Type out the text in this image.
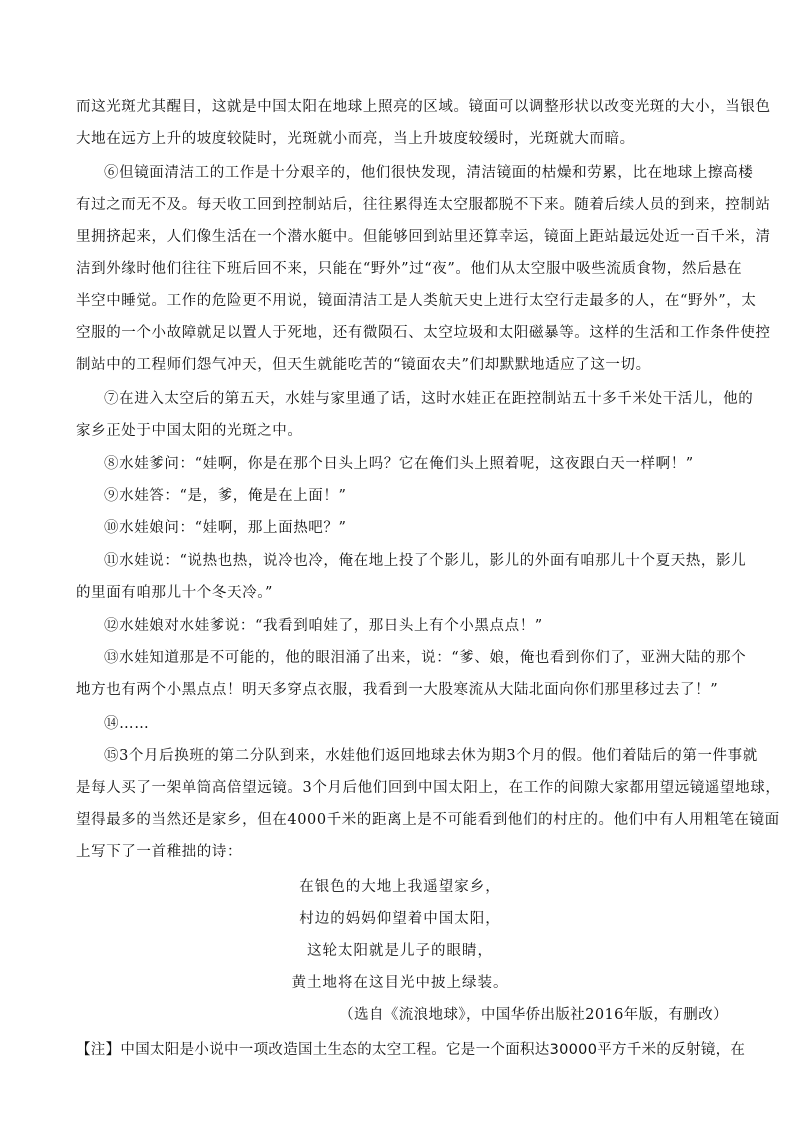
而这光斑尤其醒目，这就是中国太阳在地球上照亮的区域。镜面可以调整形状以改变光斑的大小，当银色
大地在远方上升的坡度较陡时，光斑就小而亮，当上升坡度较缓时，光斑就大而暗。
⑥但镜面清洁工的工作是十分艰辛的，他们很快发现，清洁镜面的枯燥和劳累，比在地球上擦高楼
有过之而无不及。每天收工回到控制站后，往往累得连太空服都脱不下来。随着后续人员的到来，控制站
里拥挤起来，人们像生活在一个潜水艇中。但能够回到站里还算幸运，镜面上距站最远处近一百千米，清
洁到外缘时他们往往下班后回不来，只能在“野外”过“夜”。他们从太空服中吸些流质食物，然后悬在
半空中睡觉。工作的危险更不用说，镜面清洁工是人类航天史上进行太空行走最多的人，在“野外”，太
空服的一个小故障就足以置人于死地，还有微陨石、太空垃圾和太阳磁暴等。这样的生活和工作条件使控
制站中的工程师们怨气冲天，但天生就能吃苦的“镜面农夫”们却默默地适应了这一切。
⑦在进入太空后的第五天，水娃与家里通了话，这时水娃正在距控制站五十多千米处干活儿，他的
家乡正处于中国太阳的光斑之中。
⑧水娃爹问：“娃啊，你是在那个日头上吗？它在俺们头上照着呢，这夜跟白天一样啊！”
⑨水娃答：“是，爹，俺是在上面！”
⑩水娃娘问：“娃啊，那上面热吧？”
⑪水娃说：“说热也热，说冷也冷，俺在地上投了个影儿，影儿的外面有咱那儿十个夏天热，影儿
的里面有咱那儿十个冬天冷。”
⑫水娃娘对水娃爹说：“我看到咱娃了，那日头上有个小黑点点！”
⑬水娃知道那是不可能的，他的眼泪涌了出来，说：“爹、娘，俺也看到你们了，亚洲大陆的那个
地方也有两个小黑点点！明天多穿点衣服，我看到一大股寒流从大陆北面向你们那里移过去了！”
⑭……
⑮3个月后换班的第二分队到来，水娃他们返回地球去休为期3个月的假。他们着陆后的第一件事就
是每人买了一架单筒高倍望远镜。3个月后他们回到中国太阳上，在工作的间隙大家都用望远镜遥望地球，
望得最多的当然还是家乡，但在4000千米的距离上是不可能看到他们的村庄的。他们中有人用粗笔在镜面
上写下了一首稚拙的诗：
在银色的大地上我遥望家乡，
村边的妈妈仰望着中国太阳，
这轮太阳就是儿子的眼睛，
黄土地将在这目光中披上绿装。
（选自《流浪地球》，中国华侨出版社2016年版，有删改）
【注】中国太阳是小说中一项改造国土生态的太空工程。它是一个面积达30000平方千米的反射镜，在
